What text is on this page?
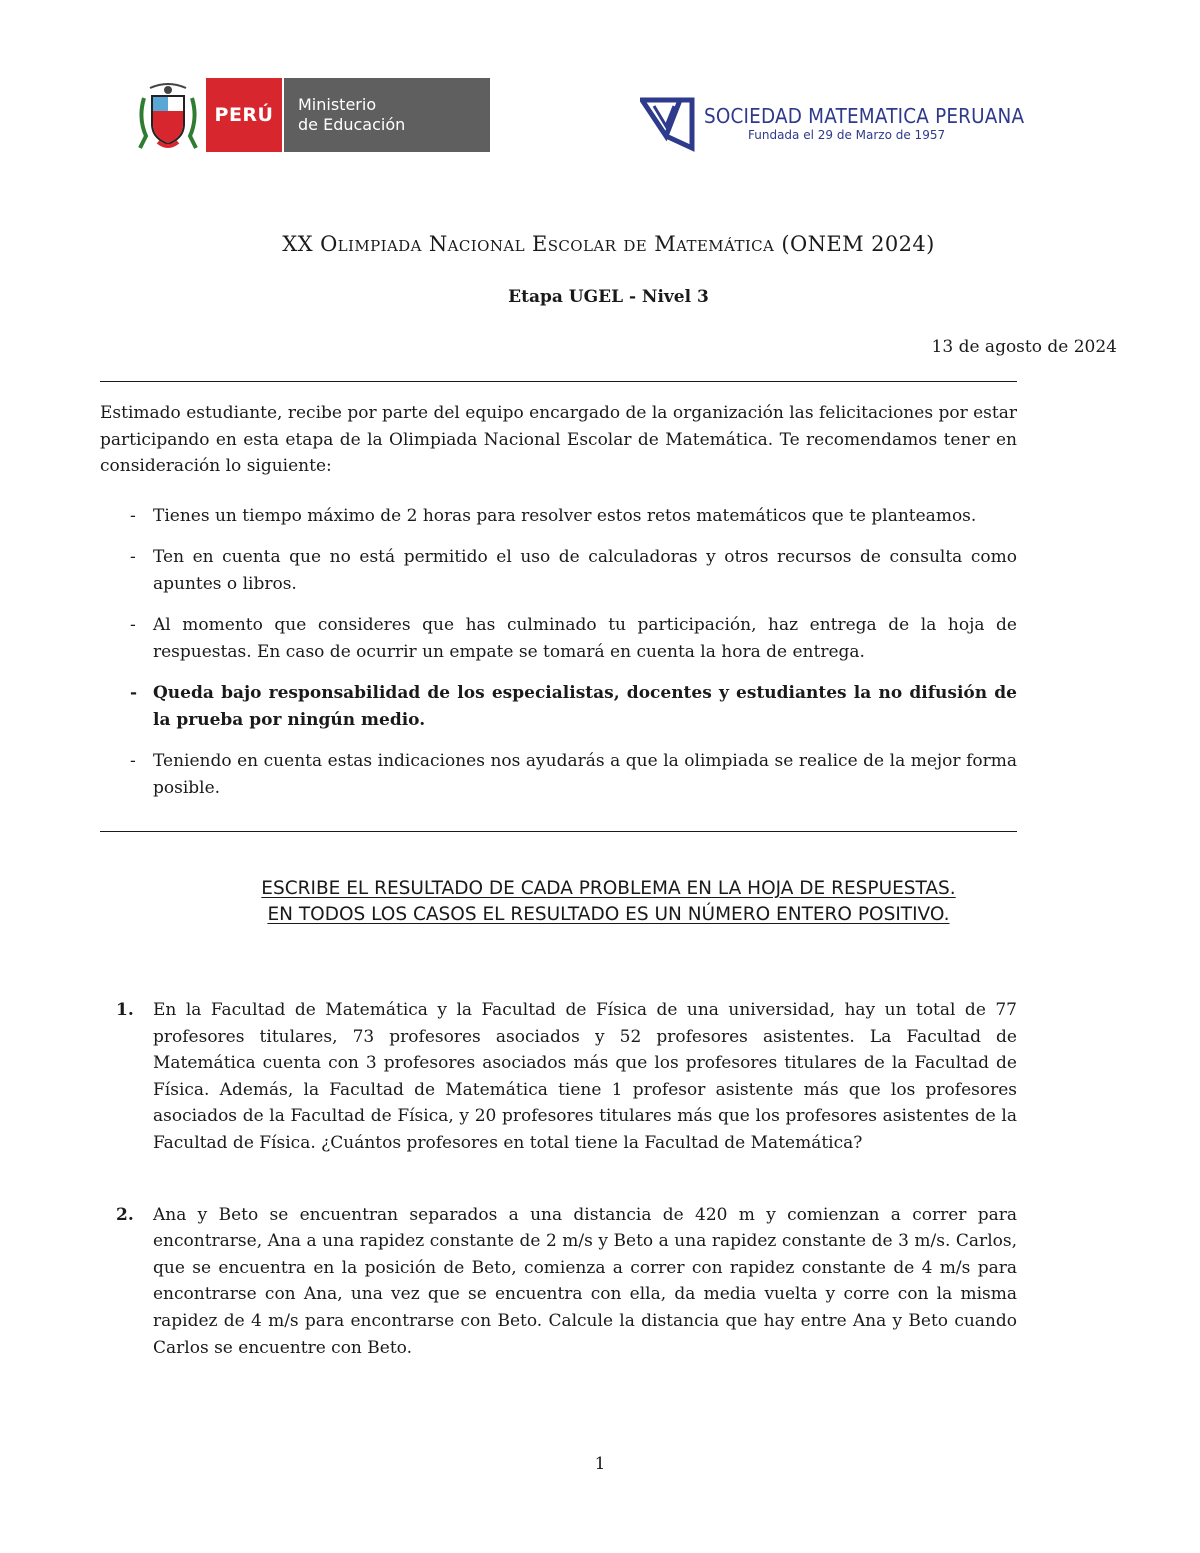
PERÚ Ministerio
de Educación	SOCIEDAD MATEMATICA PERUANA
Fundada el 29 de Marzo de 1957
XX Olimpiada Nacional Escolar de Matemática (ONEM 2024)
Etapa UGEL - Nivel 3
13 de agosto de 2024
Estimado estudiante, recibe por parte del equipo encargado de la organización las felicitaciones por estar participando en esta etapa de la Olimpiada Nacional Escolar de Matemática. Te recomendamos tener en consideración lo siguiente:
- Tienes un tiempo máximo de 2 horas para resolver estos retos matemáticos que te planteamos.
- Ten en cuenta que no está permitido el uso de calculadoras y otros recursos de consulta como apuntes o libros.
- Al momento que consideres que has culminado tu participación, haz entrega de la hoja de respuestas. En caso de ocurrir un empate se tomará en cuenta la hora de entrega.
- Queda bajo responsabilidad de los especialistas, docentes y estudiantes la no difusión de la prueba por ningún medio.
- Teniendo en cuenta estas indicaciones nos ayudarás a que la olimpiada se realice de la mejor forma posible.
ESCRIBE EL RESULTADO DE CADA PROBLEMA EN LA HOJA DE RESPUESTAS.
EN TODOS LOS CASOS EL RESULTADO ES UN NÚMERO ENTERO POSITIVO.
1. En la Facultad de Matemática y la Facultad de Física de una universidad, hay un total de 77 profesores titulares, 73 profesores asociados y 52 profesores asistentes. La Facultad de Matemática cuenta con 3 profesores asociados más que los profesores titulares de la Facultad de Física. Además, la Facultad de Matemática tiene 1 profesor asistente más que los profesores asociados de la Facultad de Física, y 20 profesores titulares más que los profesores asistentes de la Facultad de Física. ¿Cuántos profesores en total tiene la Facultad de Matemática?
2. Ana y Beto se encuentran separados a una distancia de 420 m y comienzan a correr para encontrarse, Ana a una rapidez constante de 2 m/s y Beto a una rapidez constante de 3 m/s. Carlos, que se encuentra en la posición de Beto, comienza a correr con rapidez constante de 4 m/s para encontrarse con Ana, una vez que se encuentra con ella, da media vuelta y corre con la misma rapidez de 4 m/s para encontrarse con Beto. Calcule la distancia que hay entre Ana y Beto cuando Carlos se encuentre con Beto.
1
